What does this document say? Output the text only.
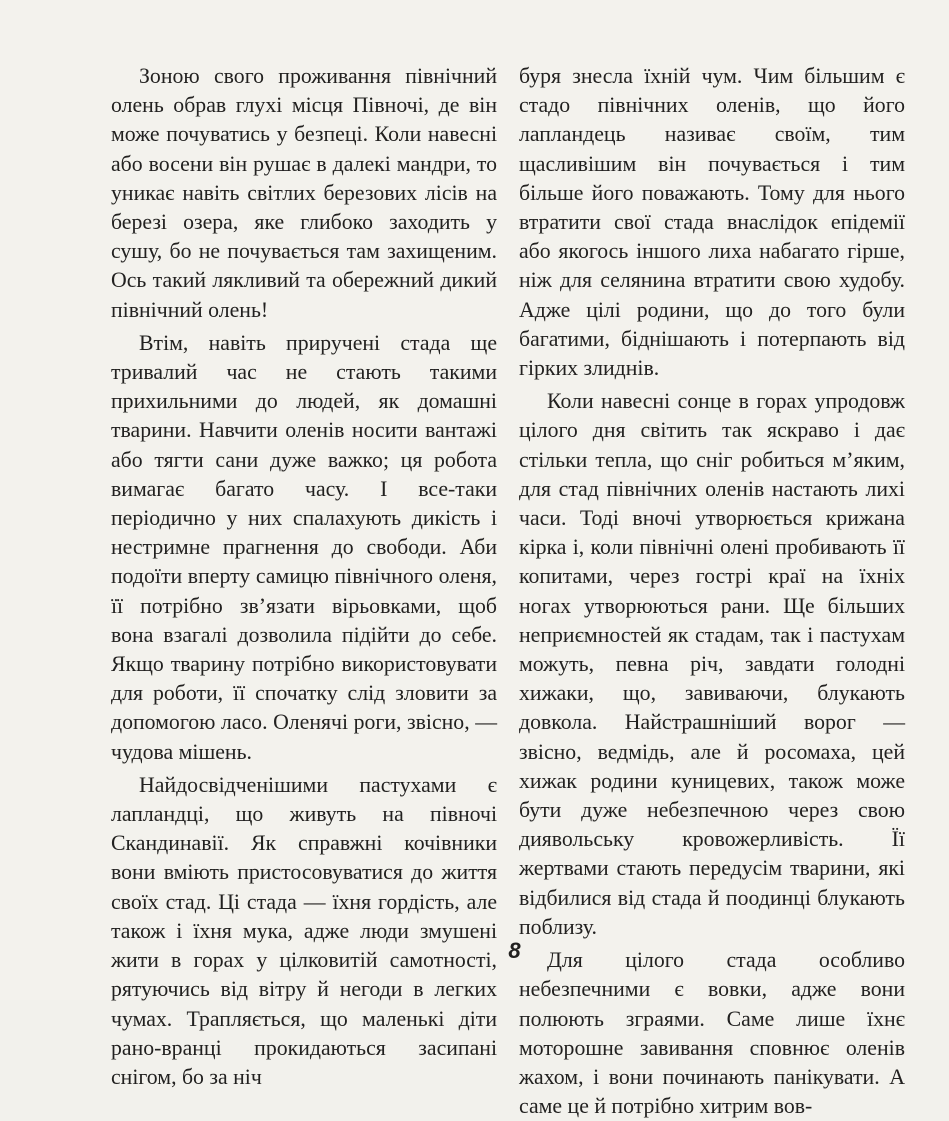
Зоною свого проживання північний олень обрав глухі місця Півночі, де він може почуватись у безпеці. Коли навесні або восени він рушає в далекі мандри, то уникає навіть світлих березових лісів на березі озера, яке глибоко заходить у сушу, бо не почувається там захищеним. Ось такий лякливий та обережний дикий північний олень!

Втім, навіть приручені стада ще тривалий час не стають такими прихильними до людей, як домашні тварини. Навчити оленів носити вантажі або тягти сани дуже важко; ця робота вимагає багато часу. І все-таки періодично у них спалахують дикість і нестримне прагнення до свободи. Аби подоїти вперту самицю північного оленя, її потрібно зв’язати вірьовками, щоб вона взагалі дозволила підійти до себе. Якщо тварину потрібно використовувати для роботи, її спочатку слід зловити за допомогою ласо. Оленячі роги, звісно, — чудова мішень.

Найдосвідченішими пастухами є лапландці, що живуть на півночі Скандинавії. Як справжні кочівники вони вміють пристосовуватися до життя своїх стад. Ці стада — їхня гордість, але також і їхня мука, адже люди змушені жити в горах у цілковитій самотності, рятуючись від вітру й негоди в легких чумах. Трапляється, що маленькі діти рано-вранці прокидаються засипані снігом, бо за ніч

буря знесла їхній чум. Чим більшим є стадо північних оленів, що його лапландець називає своїм, тим щасливішим він почувається і тим більше його поважають. Тому для нього втратити свої стада внаслідок епідемії або якогось іншого лиха набагато гірше, ніж для селянина втратити свою худобу. Адже цілі родини, що до того були багатими, біднішають і потерпають від гірких злиднів.

Коли навесні сонце в горах упродовж цілого дня світить так яскраво і дає стільки тепла, що сніг робиться м’яким, для стад північних оленів настають лихі часи. Тоді вночі утворюється крижана кірка і, коли північні олені пробивають її копитами, через гострі краї на їхніх ногах утворюються рани. Ще більших неприємностей як стадам, так і пастухам можуть, певна річ, завдати голодні хижаки, що, завиваючи, блукають довкола. Найстрашніший ворог — звісно, ведмідь, але й росомаха, цей хижак родини куницевих, також може бути дуже небезпечною через свою диявольську кровожерливість. Її жертвами стають передусім тварини, які відбилися від стада й поодинці блукають поблизу.

Для цілого стада особливо небезпечними є вовки, адже вони полюють зграями. Саме лише їхнє моторошне завивання сповнює оленів жахом, і вони починають панікувати. А саме це й потрібно хитрим вов-

8
